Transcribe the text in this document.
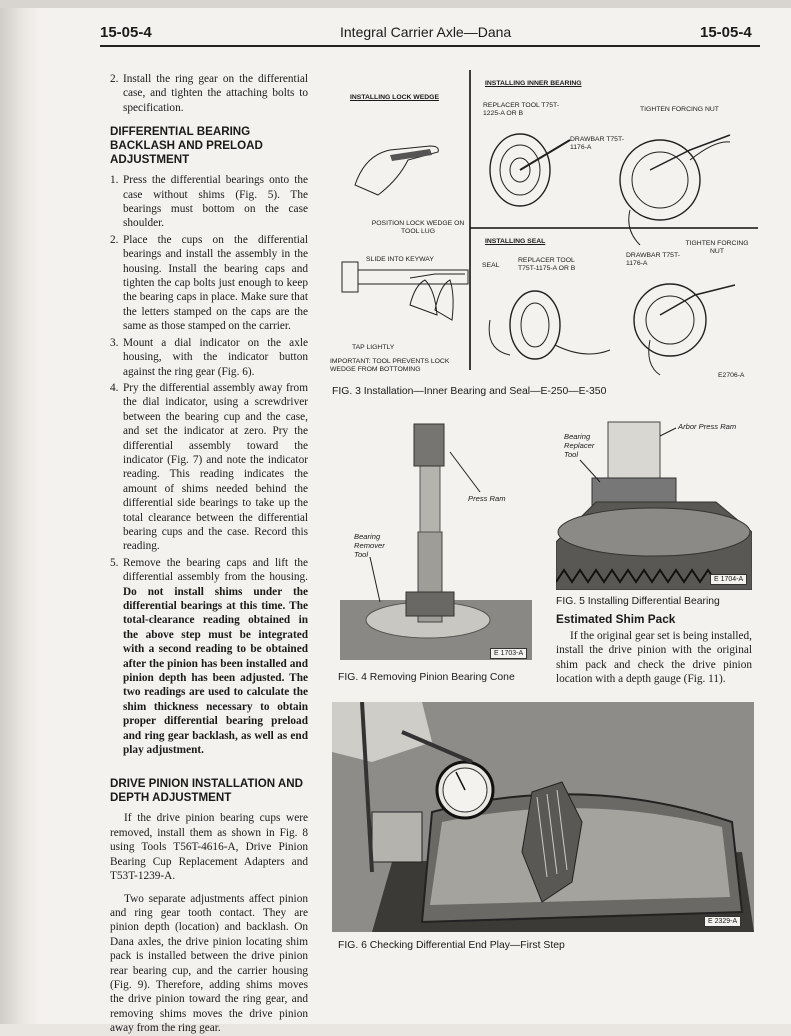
15-05-4	Integral Carrier Axle—Dana	15-05-4
2. Install the ring gear on the differential case, and tighten the attaching bolts to specification.
DIFFERENTIAL BEARING BACKLASH AND PRELOAD ADJUSTMENT
1. Press the differential bearings onto the case without shims (Fig. 5). The bearings must bottom on the case shoulder.
2. Place the cups on the differential bearings and install the assembly in the housing. Install the bearing caps and tighten the cap bolts just enough to keep the bearing caps in place. Make sure that the letters stamped on the caps are the same as those stamped on the carrier.
3. Mount a dial indicator on the axle housing, with the indicator button against the ring gear (Fig. 6).
4. Pry the differential assembly away from the dial indicator, using a screwdriver between the bearing cup and the case, and set the indicator at zero. Pry the differential assembly toward the indicator (Fig. 7) and note the indicator reading. This reading indicates the amount of shims needed behind the differential side bearings to take up the total clearance between the differential bearing cups and the case. Record this reading.
5. Remove the bearing caps and lift the differential assembly from the housing. Do not install shims under the differential bearings at this time. The total-clearance reading obtained in the above step must be integrated with a second reading to be obtained after the pinion has been installed and pinion depth has been adjusted. The two readings are used to calculate the shim thickness necessary to obtain proper differential bearing preload and ring gear backlash, as well as end play adjustment.
DRIVE PINION INSTALLATION AND DEPTH ADJUSTMENT

If the drive pinion bearing cups were removed, install them as shown in Fig. 8 using Tools T56T-4616-A, Drive Pinion Bearing Cup Replacement Adapters and T53T-1239-A.

Two separate adjustments affect pinion and ring gear tooth contact. They are pinion depth (location) and backlash. On Dana axles, the drive pinion locating shim pack is installed between the drive pinion rear bearing cup, and the carrier housing (Fig. 9). Therefore, adding shims moves the drive pinion toward the ring gear, and removing shims moves the drive pinion away from the ring gear.

INSTALLING LOCK WEDGE
POSITION LOCK WEDGE ON TOOL LUG
SLIDE INTO KEYWAY
TAP LIGHTLY
IMPORTANT: TOOL PREVENTS LOCK WEDGE FROM BOTTOMING
INSTALLING INNER BEARING
REPLACER TOOL T75T-1225-A OR B
TIGHTEN FORCING NUT
DRAWBAR T75T-1176-A
INSTALLING SEAL
SEAL
REPLACER TOOL T75T-1175-A OR B
DRAWBAR T75T-1176-A
TIGHTEN FORCING NUT
E2706-A
FIG. 3 Installation—Inner Bearing and Seal—E-250—E-350
Press Ram
Bearing Remover Tool
E 1703-A
FIG. 4 Removing Pinion Bearing Cone
Arbor Press Ram
Bearing Replacer Tool
E 1704-A
FIG. 5 Installing Differential Bearing
Estimated Shim Pack

If the original gear set is being installed, install the drive pinion with the original shim pack and check the drive pinion location with a depth gauge (Fig. 11).

E 2329-A
FIG. 6 Checking Differential End Play—First Step
